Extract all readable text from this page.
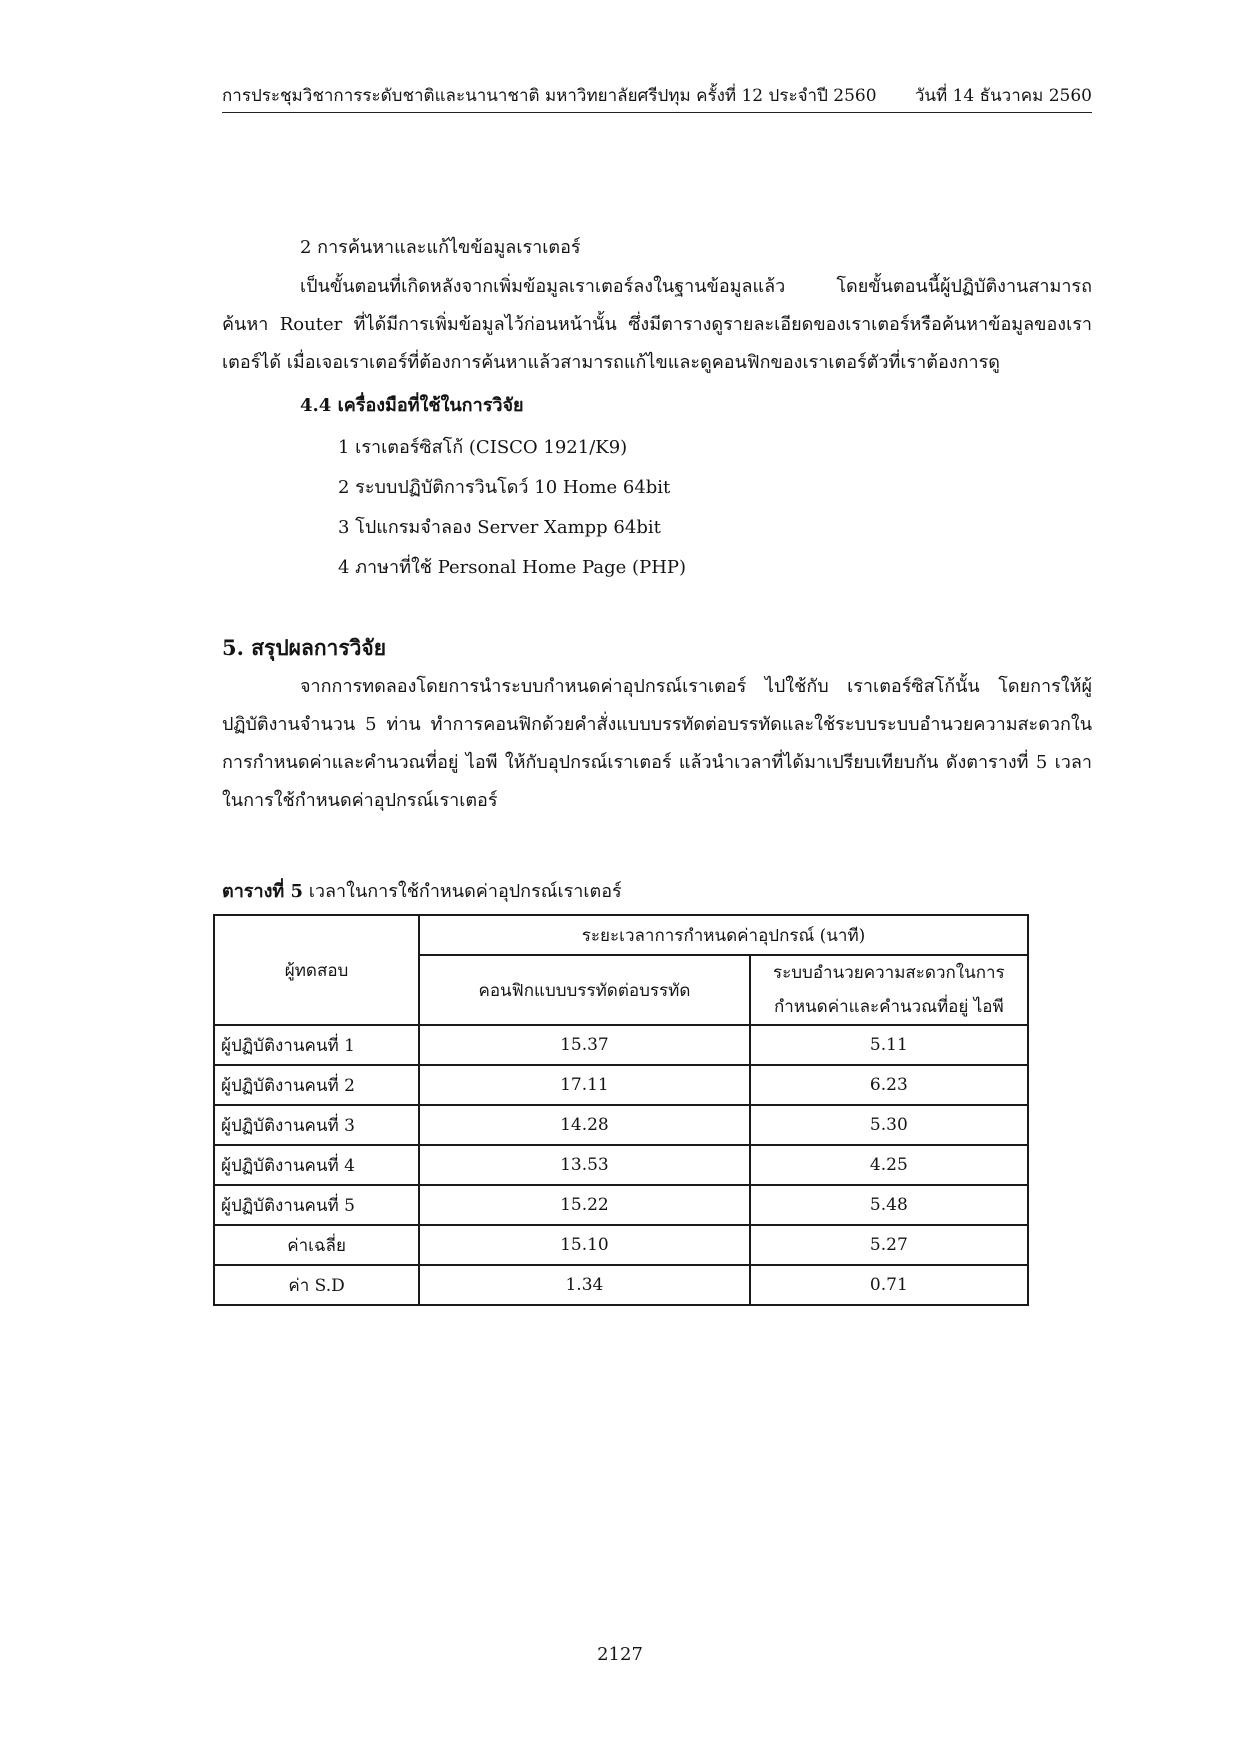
การประชุมวิชาการระดับชาติและนานาชาติ มหาวิทยาลัยศรีปทุม ครั้งที่ 12 ประจำปี 2560 วันที่ 14 ธันวาคม 2560
2 การค้นหาและแก้ไขข้อมูลเราเตอร์

เป็นขั้นตอนที่เกิดหลังจากเพิ่มข้อมูลเราเตอร์ลงในฐานข้อมูลแล้ว โดยขั้นตอนนี้ผู้ปฏิบัติงานสามารถค้นหา Router ที่ได้มีการเพิ่มข้อมูลไว้ก่อนหน้านั้น ซึ่งมีตารางดูรายละเอียดของเราเตอร์หรือค้นหาข้อมูลของเราเตอร์ได้ เมื่อเจอเราเตอร์ที่ต้องการค้นหาแล้วสามารถแก้ไขและดูคอนฟิกของเราเตอร์ตัวที่เราต้องการดู

4.4 เครื่องมือที่ใช้ในการวิจัย
1 เราเตอร์ซิสโก้ (CISCO 1921/K9)
2 ระบบปฏิบัติการวินโดว์ 10 Home 64bit
3 โปแกรมจำลอง Server Xampp 64bit
4 ภาษาที่ใช้ Personal Home Page (PHP)
5. สรุปผลการวิจัย

จากการทดลองโดยการนำระบบกำหนดค่าอุปกรณ์เราเตอร์ ไปใช้กับ เราเตอร์ซิสโก้นั้น โดยการให้ผู้ปฏิบัติงานจำนวน 5 ท่าน ทำการคอนฟิกด้วยคำสั่งแบบบรรทัดต่อบรรทัดและใช้ระบบระบบอำนวยความสะดวกในการกำหนดค่าและคำนวณที่อยู่ ไอพี ให้กับอุปกรณ์เราเตอร์ แล้วนำเวลาที่ได้มาเปรียบเทียบกัน ดังตารางที่ 5 เวลาในการใช้กำหนดค่าอุปกรณ์เราเตอร์

ตารางที่ 5 เวลาในการใช้กำหนดค่าอุปกรณ์เราเตอร์
ผู้ทดสอบ	ระยะเวลาการกำหนดค่าอุปกรณ์ (นาที)	
	คอนฟิกแบบบรรทัดต่อบรรทัด	ระบบอำนวยความสะดวกในการ
กำหนดค่าและคำนวณที่อยู่ ไอพี
ผู้ปฏิบัติงานคนที่ 1	15.37	5.11
ผู้ปฏิบัติงานคนที่ 2	17.11	6.23
ผู้ปฏิบัติงานคนที่ 3	14.28	5.30
ผู้ปฏิบัติงานคนที่ 4	13.53	4.25
ผู้ปฏิบัติงานคนที่ 5	15.22	5.48
ค่าเฉลี่ย	15.10	5.27
ค่า S.D	1.34	0.71
2127
